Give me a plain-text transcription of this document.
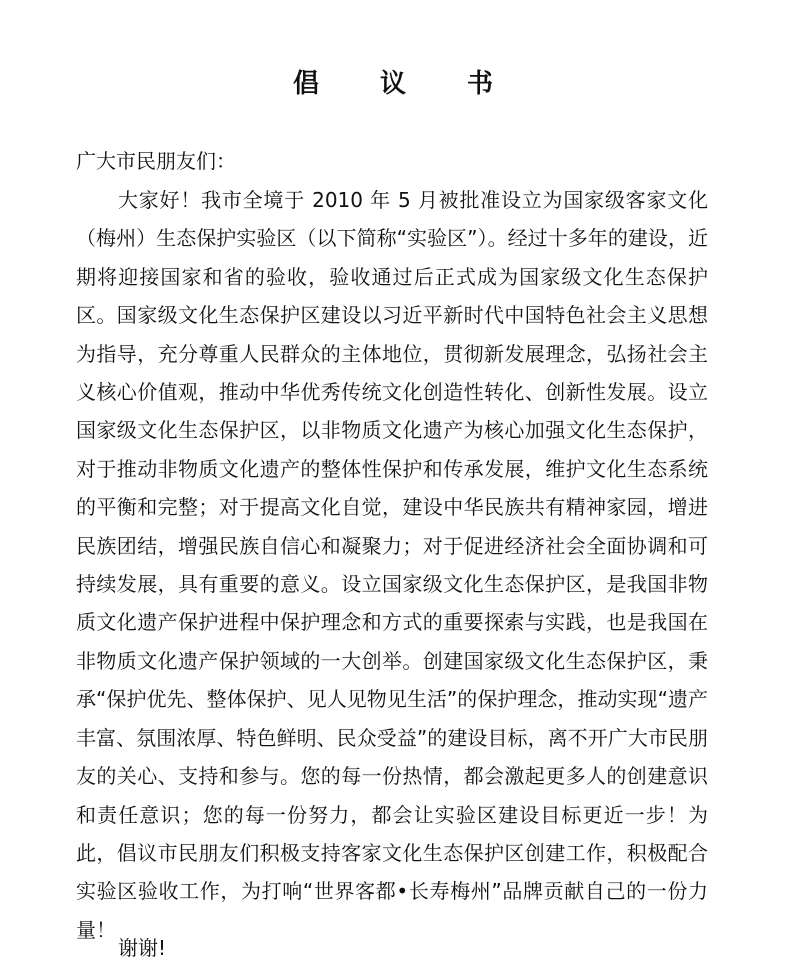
倡 议 书
广大市民朋友们：
大家好！我市全境于 2010 年 5 月被批准设立为国家级客家文化（梅州）生态保护实验区（以下简称“实验区”）。经过十多年的建设，近期将迎接国家和省的验收，验收通过后正式成为国家级文化生态保护区。国家级文化生态保护区建设以习近平新时代中国特色社会主义思想为指导，充分尊重人民群众的主体地位，贯彻新发展理念，弘扬社会主义核心价值观，推动中华优秀传统文化创造性转化、创新性发展。设立国家级文化生态保护区，以非物质文化遗产为核心加强文化生态保护，对于推动非物质文化遗产的整体性保护和传承发展，维护文化生态系统的平衡和完整；对于提高文化自觉，建设中华民族共有精神家园，增进民族团结，增强民族自信心和凝聚力；对于促进经济社会全面协调和可持续发展，具有重要的意义。设立国家级文化生态保护区，是我国非物质文化遗产保护进程中保护理念和方式的重要探索与实践，也是我国在非物质文化遗产保护领域的一大创举。创建国家级文化生态保护区，秉承“保护优先、整体保护、见人见物见生活”的保护理念，推动实现“遗产丰富、氛围浓厚、特色鲜明、民众受益”的建设目标，离不开广大市民朋友的关心、支持和参与。您的每一份热情，都会激起更多人的创建意识和责任意识；您的每一份努力，都会让实验区建设目标更近一步！为此，倡议市民朋友们积极支持客家文化生态保护区创建工作，积极配合实验区验收工作，为打响“世界客都•长寿梅州”品牌贡献自己的一份力量！
谢谢!
